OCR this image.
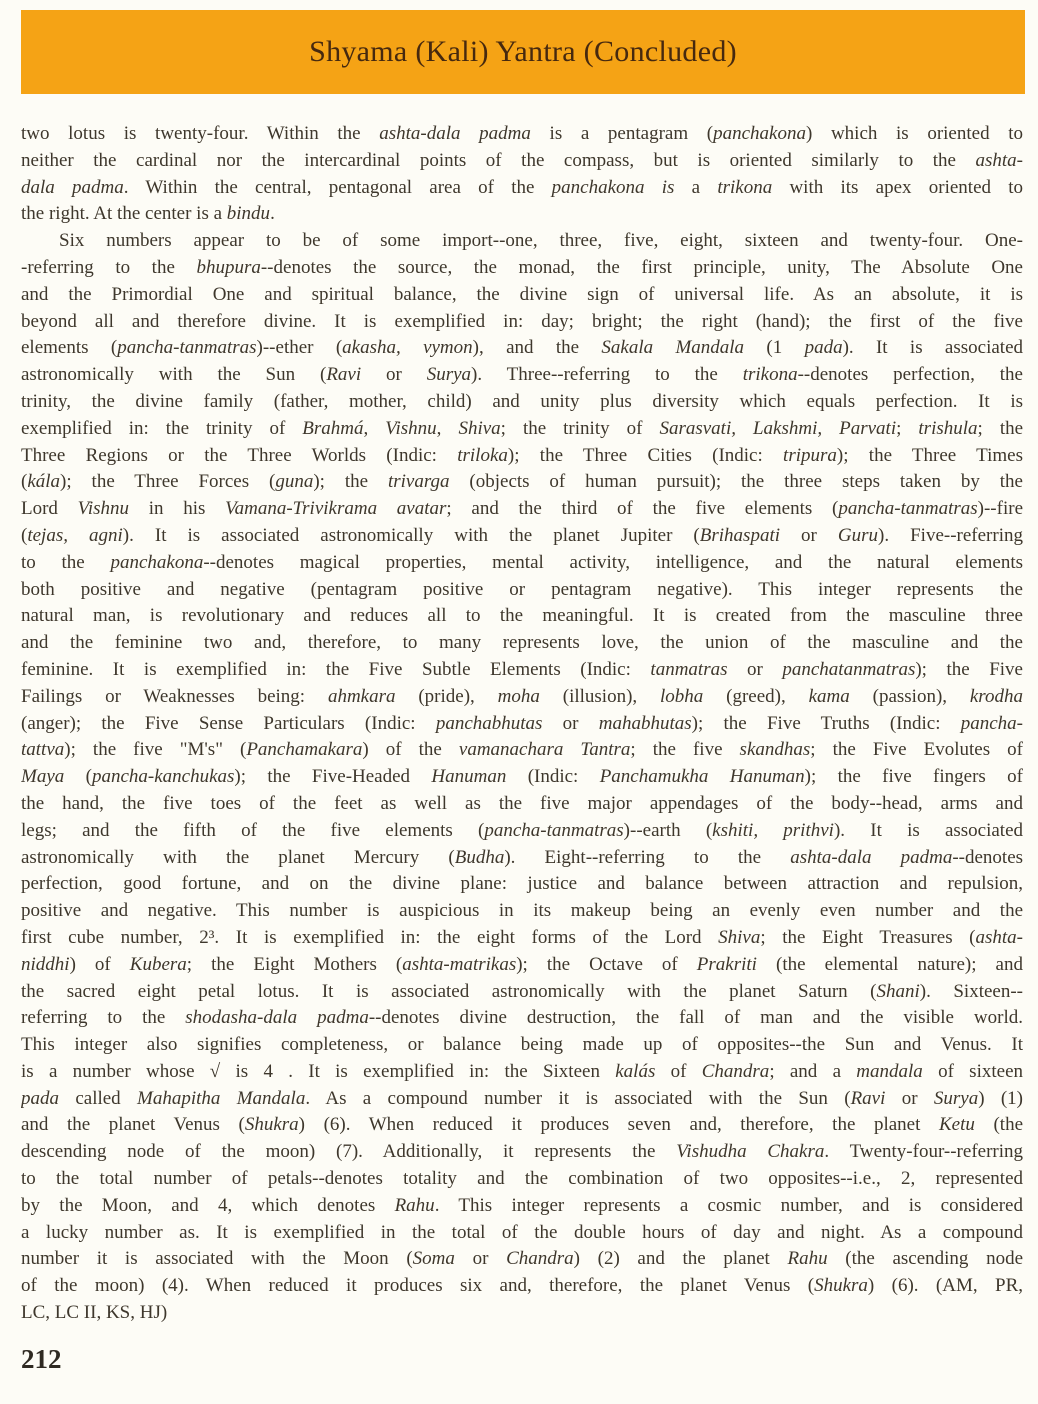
Shyama (Kali) Yantra (Concluded)
two lotus is twenty-four. Within the ashta-dala padma is a pentagram (panchakona) which is oriented to
neither the cardinal nor the intercardinal points of the compass, but is oriented similarly to the ashta-
dala padma. Within the central, pentagonal area of the panchakona is a trikona with its apex oriented to
the right. At the center is a bindu.
Six numbers appear to be of some import--one, three, five, eight, sixteen and twenty-four. One-
-referring to the bhupura--denotes the source, the monad, the first principle, unity, The Absolute One
and the Primordial One and spiritual balance, the divine sign of universal life. As an absolute, it is
beyond all and therefore divine. It is exemplified in: day; bright; the right (hand); the first of the five
elements (pancha-tanmatras)--ether (akasha, vymon), and the Sakala Mandala (1 pada). It is associated
astronomically with the Sun (Ravi or Surya). Three--referring to the trikona--denotes perfection, the
trinity, the divine family (father, mother, child) and unity plus diversity which equals perfection. It is
exemplified in: the trinity of Brahmá, Vishnu, Shiva; the trinity of Sarasvati, Lakshmi, Parvati; trishula; the
Three Regions or the Three Worlds (Indic: triloka); the Three Cities (Indic: tripura); the Three Times
(kála); the Three Forces (guna); the trivarga (objects of human pursuit); the three steps taken by the
Lord Vishnu in his Vamana-Trivikrama avatar; and the third of the five elements (pancha-tanmatras)--fire
(tejas, agni). It is associated astronomically with the planet Jupiter (Brihaspati or Guru). Five--referring
to the panchakona--denotes magical properties, mental activity, intelligence, and the natural elements
both positive and negative (pentagram positive or pentagram negative). This integer represents the
natural man, is revolutionary and reduces all to the meaningful. It is created from the masculine three
and the feminine two and, therefore, to many represents love, the union of the masculine and the
feminine. It is exemplified in: the Five Subtle Elements (Indic: tanmatras or panchatanmatras); the Five
Failings or Weaknesses being: ahmkara (pride), moha (illusion), lobha (greed), kama (passion), krodha
(anger); the Five Sense Particulars (Indic: panchabhutas or mahabhutas); the Five Truths (Indic: pancha-
tattva); the five "M's" (Panchamakara) of the vamanachara Tantra; the five skandhas; the Five Evolutes of
Maya (pancha-kanchukas); the Five-Headed Hanuman (Indic: Panchamukha Hanuman); the five fingers of
the hand, the five toes of the feet as well as the five major appendages of the body--head, arms and
legs; and the fifth of the five elements (pancha-tanmatras)--earth (kshiti, prithvi). It is associated
astronomically with the planet Mercury (Budha). Eight--referring to the ashta-dala padma--denotes
perfection, good fortune, and on the divine plane: justice and balance between attraction and repulsion,
positive and negative. This number is auspicious in its makeup being an evenly even number and the
first cube number, 2³. It is exemplified in: the eight forms of the Lord Shiva; the Eight Treasures (ashta-
niddhi) of Kubera; the Eight Mothers (ashta-matrikas); the Octave of Prakriti (the elemental nature); and
the sacred eight petal lotus. It is associated astronomically with the planet Saturn (Shani). Sixteen--
referring to the shodasha-dala padma--denotes divine destruction, the fall of man and the visible world.
This integer also signifies completeness, or balance being made up of opposites--the Sun and Venus. It
is a number whose √ is 4 . It is exemplified in: the Sixteen kalás of Chandra; and a mandala of sixteen
pada called Mahapitha Mandala. As a compound number it is associated with the Sun (Ravi or Surya) (1)
and the planet Venus (Shukra) (6). When reduced it produces seven and, therefore, the planet Ketu (the
descending node of the moon) (7). Additionally, it represents the Vishudha Chakra. Twenty-four--referring
to the total number of petals--denotes totality and the combination of two opposites--i.e., 2, represented
by the Moon, and 4, which denotes Rahu. This integer represents a cosmic number, and is considered
a lucky number as. It is exemplified in the total of the double hours of day and night. As a compound
number it is associated with the Moon (Soma or Chandra) (2) and the planet Rahu (the ascending node
of the moon) (4). When reduced it produces six and, therefore, the planet Venus (Shukra) (6). (AM, PR,
LC, LC II, KS, HJ)
212
